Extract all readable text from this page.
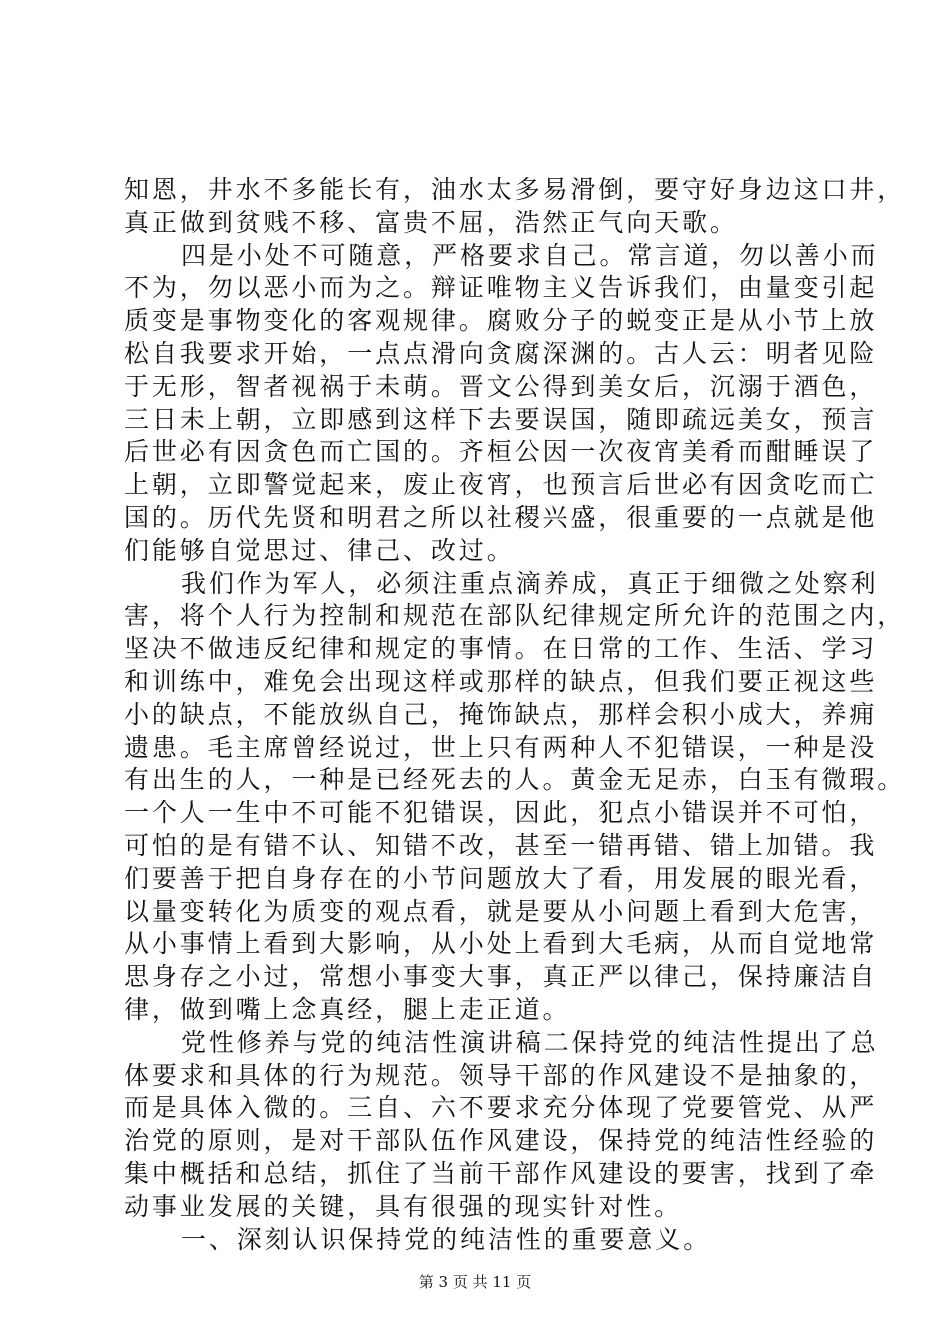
知恩，井水不多能长有，油水太多易滑倒，要守好身边这口井，
真正做到贫贱不移、富贵不屈，浩然正气向天歌。
四是小处不可随意，严格要求自己。常言道，勿以善小而
不为，勿以恶小而为之。辩证唯物主义告诉我们，由量变引起
质变是事物变化的客观规律。腐败分子的蜕变正是从小节上放
松自我要求开始，一点点滑向贪腐深渊的。古人云：明者见险
于无形，智者视祸于未萌。晋文公得到美女后，沉溺于酒色，
三日未上朝，立即感到这样下去要误国，随即疏远美女，预言
后世必有因贪色而亡国的。齐桓公因一次夜宵美肴而酣睡误了
上朝，立即警觉起来，废止夜宵，也预言后世必有因贪吃而亡
国的。历代先贤和明君之所以社稷兴盛，很重要的一点就是他
们能够自觉思过、律己、改过。
我们作为军人，必须注重点滴养成，真正于细微之处察利
害，将个人行为控制和规范在部队纪律规定所允许的范围之内，
坚决不做违反纪律和规定的事情。在日常的工作、生活、学习
和训练中，难免会出现这样或那样的缺点，但我们要正视这些
小的缺点，不能放纵自己，掩饰缺点，那样会积小成大，养痈
遗患。毛主席曾经说过，世上只有两种人不犯错误，一种是没
有出生的人，一种是已经死去的人。黄金无足赤，白玉有微瑕。
一个人一生中不可能不犯错误，因此，犯点小错误并不可怕，
可怕的是有错不认、知错不改，甚至一错再错、错上加错。我
们要善于把自身存在的小节问题放大了看，用发展的眼光看，
以量变转化为质变的观点看，就是要从小问题上看到大危害，
从小事情上看到大影响，从小处上看到大毛病，从而自觉地常
思身存之小过，常想小事变大事，真正严以律己，保持廉洁自
律，做到嘴上念真经，腿上走正道。
党性修养与党的纯洁性演讲稿二保持党的纯洁性提出了总
体要求和具体的行为规范。领导干部的作风建设不是抽象的，
而是具体入微的。三自、六不要求充分体现了党要管党、从严
治党的原则，是对干部队伍作风建设，保持党的纯洁性经验的
集中概括和总结，抓住了当前干部作风建设的要害，找到了牵
动事业发展的关键，具有很强的现实针对性。
一、深刻认识保持党的纯洁性的重要意义。
第 3 页 共 11 页
